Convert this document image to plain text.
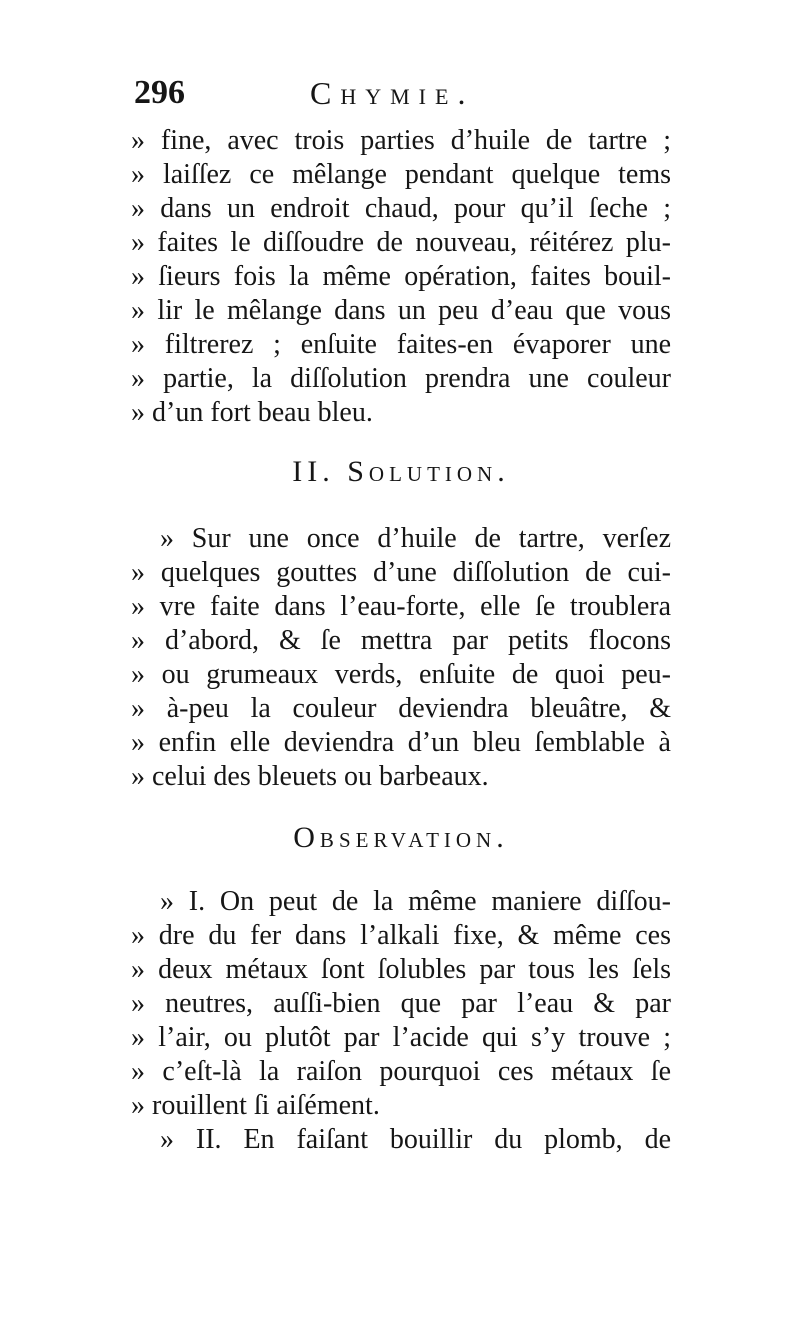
296	Chymie.
» fine, avec trois parties d’huile de tartre ;
» laiſſez ce mêlange pendant quelque tems
» dans un endroit chaud, pour qu’il ſeche ;
» faites le diſſoudre de nouveau, réitérez plu-
» ſieurs fois la même opération, faites bouil-
» lir le mêlange dans un peu d’eau que vous
» filtrerez ; enſuite faites-en évaporer une
» partie, la diſſolution prendra une couleur
» d’un fort beau bleu.
II. Solution.
» Sur une once d’huile de tartre, verſez
» quelques gouttes d’une diſſolution de cui-
» vre faite dans l’eau-forte, elle ſe troublera
» d’abord, & ſe mettra par petits flocons
» ou grumeaux verds, enſuite de quoi peu-
» à-peu la couleur deviendra bleuâtre, &
» enfin elle deviendra d’un bleu ſemblable à
» celui des bleuets ou barbeaux.
Observation.
» I. On peut de la même maniere diſſou-
» dre du fer dans l’alkali fixe, & même ces
» deux métaux ſont ſolubles par tous les ſels
» neutres, auſſi-bien que par l’eau & par
» l’air, ou plutôt par l’acide qui s’y trouve ;
» c’eſt-là la raiſon pourquoi ces métaux ſe
» rouillent ſi aiſément.
» II. En faiſant bouillir du plomb, de
